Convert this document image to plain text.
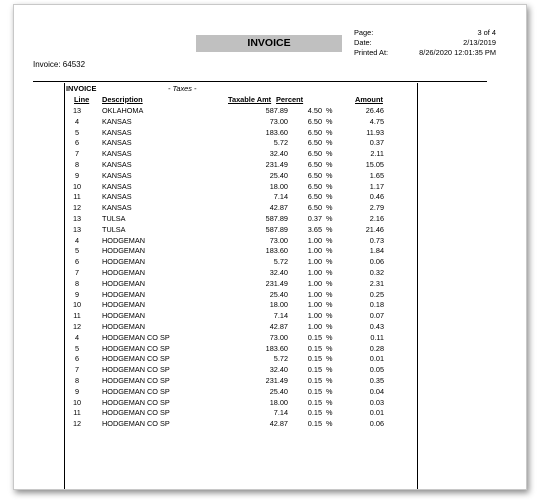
INVOICE
Page:	3 of 4
Date:	2/13/2019
Printed At:	8/26/2020 12:01:35 PM
Invoice: 64532
INVOICE	- Taxes -
Line Description	Taxable Amt Percent	Amount
13	OKLAHOMA	587.89	4.50 %	26.46
4	KANSAS	73.00	6.50 %	4.75
5	KANSAS	183.60	6.50 %	11.93
6	KANSAS	5.72	6.50 %	0.37
7	KANSAS	32.40	6.50 %	2.11
8	KANSAS	231.49	6.50 %	15.05
9	KANSAS	25.40	6.50 %	1.65
10	KANSAS	18.00	6.50 %	1.17
11	KANSAS	7.14	6.50 %	0.46
12	KANSAS	42.87	6.50 %	2.79
13	TULSA	587.89	0.37 %	2.16
13	TULSA	587.89	3.65 %	21.46
4	HODGEMAN	73.00	1.00 %	0.73
5	HODGEMAN	183.60	1.00 %	1.84
6	HODGEMAN	5.72	1.00 %	0.06
7	HODGEMAN	32.40	1.00 %	0.32
8	HODGEMAN	231.49	1.00 %	2.31
9	HODGEMAN	25.40	1.00 %	0.25
10	HODGEMAN	18.00	1.00 %	0.18
11	HODGEMAN	7.14	1.00 %	0.07
12	HODGEMAN	42.87	1.00 %	0.43
4	HODGEMAN CO SP	73.00	0.15 %	0.11
5	HODGEMAN CO SP	183.60	0.15 %	0.28
6	HODGEMAN CO SP	5.72	0.15 %	0.01
7	HODGEMAN CO SP	32.40	0.15 %	0.05
8	HODGEMAN CO SP	231.49	0.15 %	0.35
9	HODGEMAN CO SP	25.40	0.15 %	0.04
10	HODGEMAN CO SP	18.00	0.15 %	0.03
11	HODGEMAN CO SP	7.14	0.15 %	0.01
12	HODGEMAN CO SP	42.87	0.15 %	0.06
